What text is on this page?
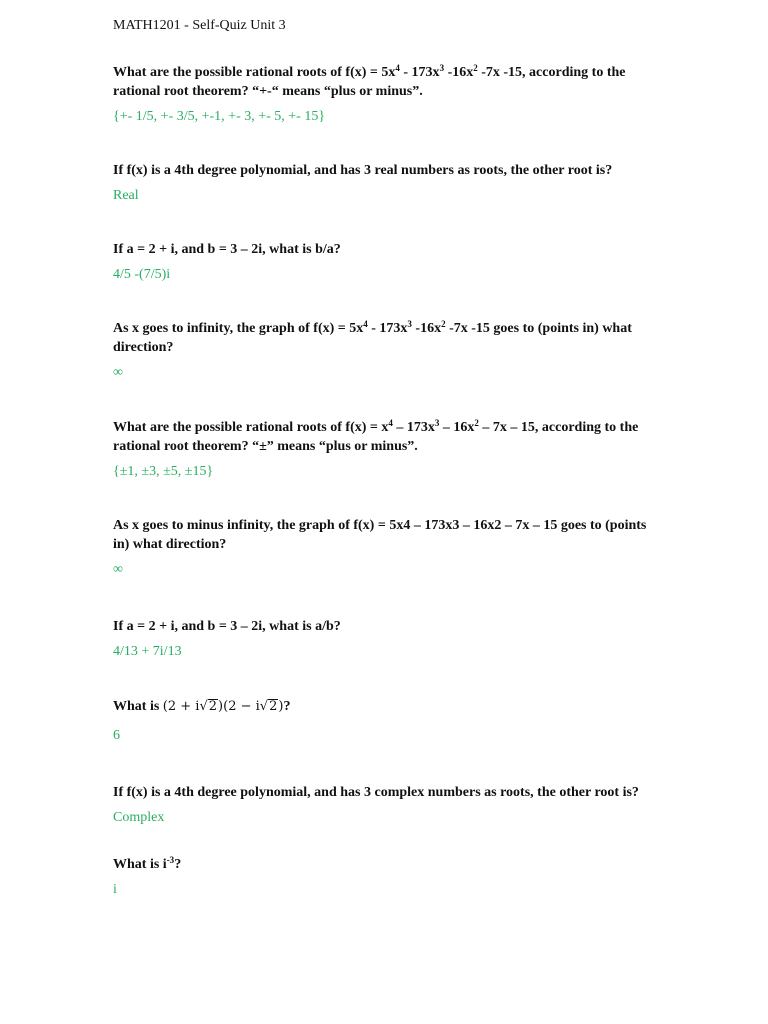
MATH1201 - Self-Quiz Unit 3

What are the possible rational roots of $f(x) = 5x^4 - 173x^3$ $-16x^2$ -7x -15, according to the rational root theorem? “+-“ means “plus or minus”.

{+- 1/5, +- 3/5, +-1, +- 3, +- 5, +- 15}

If f(x) is a 4th degree polynomial, and has 3 real numbers as roots, the other root is?

Real

If a = 2 + i, and b = 3 – 2i, what is b/a?

4/5 -(7/5)i

As x goes to infinity, the graph of $f(x) = 5x^4 - 173x^3$ $-16x^2$ -7x -15 goes to (points in) what direction?

∞

What are the possible rational roots of $f(x) = x^4 - 173x^3 - 16x^2 - 7x - 15$, according to the rational root theorem? “±” means “plus or minus”.

{±1, ±3, ±5, ±15}

As x goes to minus infinity, the graph of f(x) = 5x4 – 173x3 – 16x2 – 7x – 15 goes to (points in) what direction?

∞

If a = 2 + i, and b = 3 – 2i, what is a/b?

4/13 + 7i/13

What is (2 + i√2)(2 − i√2)?

6

If f(x) is a 4th degree polynomial, and has 3 complex numbers as roots, the other root is?

Complex

What is $i^{-3}$?

i
